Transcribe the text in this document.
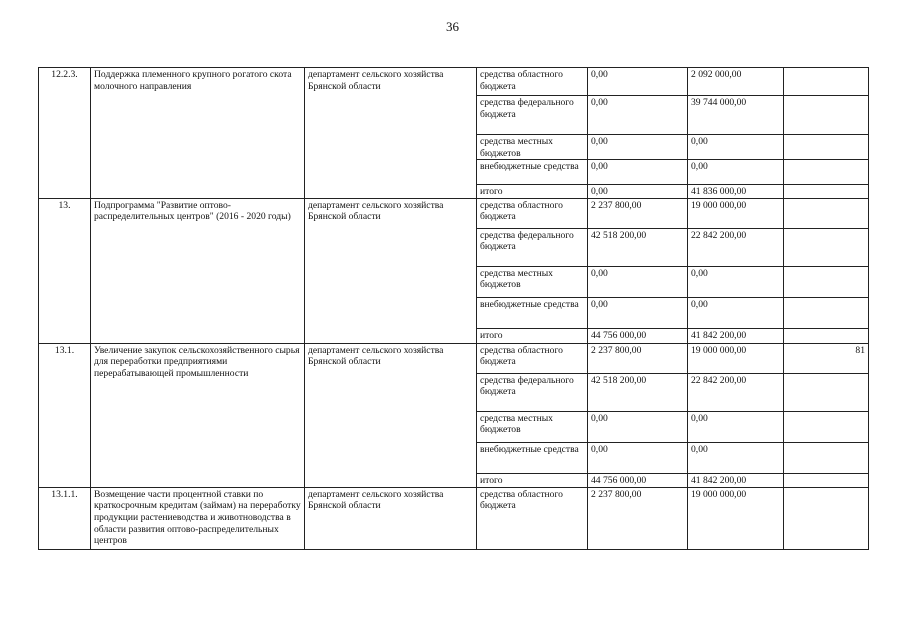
36
12.2.3.	Поддержка племенного крупного рогатого скота молочного направления	департамент сельского хозяйства Брянской области	средства областного бюджета	0,00	2 092 000,00	
			средства федерального бюджета	0,00	39 744 000,00	
			средства местных бюджетов	0,00	0,00	
			внебюджетные средства	0,00	0,00	
			итого	0,00	41 836 000,00	
13.	Подпрограмма "Развитие оптово-распределительных центров" (2016 - 2020 годы)	департамент сельского хозяйства Брянской области	средства областного бюджета	2 237 800,00	19 000 000,00	
			средства федерального бюджета	42 518 200,00	22 842 200,00	
			средства местных бюджетов	0,00	0,00	
			внебюджетные средства	0,00	0,00	
			итого	44 756 000,00	41 842 200,00	
13.1.	Увеличение закупок сельскохозяйственного сырья для переработки предприятиями перерабатывающей промышленности	департамент сельского хозяйства Брянской области	средства областного бюджета	2 237 800,00	19 000 000,00	81
			средства федерального бюджета	42 518 200,00	22 842 200,00	
			средства местных бюджетов	0,00	0,00	
			внебюджетные средства	0,00	0,00	
			итого	44 756 000,00	41 842 200,00	
13.1.1.	Возмещение части процентной ставки по краткосрочным кредитам (займам) на переработку продукции растениеводства и животноводства в области развития оптово-распределительных центров	департамент сельского хозяйства Брянской области	средства областного бюджета	2 237 800,00	19 000 000,00	
